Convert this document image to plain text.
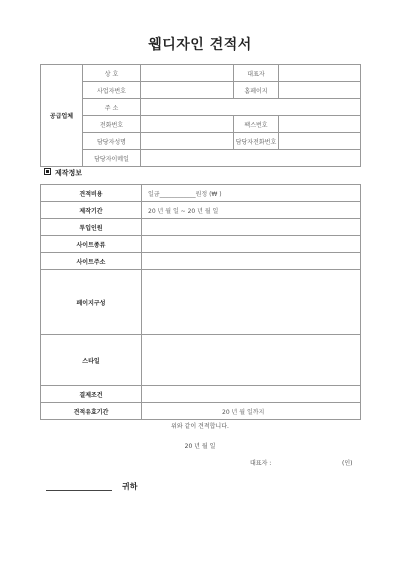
웹디자인 견적서
공급업체	상 호		대표자	
	사업자번호		홈페이지	
	주 소			
	전화번호		팩스번호	
	담당자성명		담당자전화번호	
	담당자이메일			
제작정보
견적비용	일금____________원정 (₩ )
제작기간	20 년 월 일 ~ 20 년 월 일
투입인원	
사이트종류	
사이트주소	
페이지구성	
스타일	
결제조건	
견적유효기간	20 년 월 일까지
위와 같이 견적합니다.
20 년 월 일
대표자 :	(인)
귀하
